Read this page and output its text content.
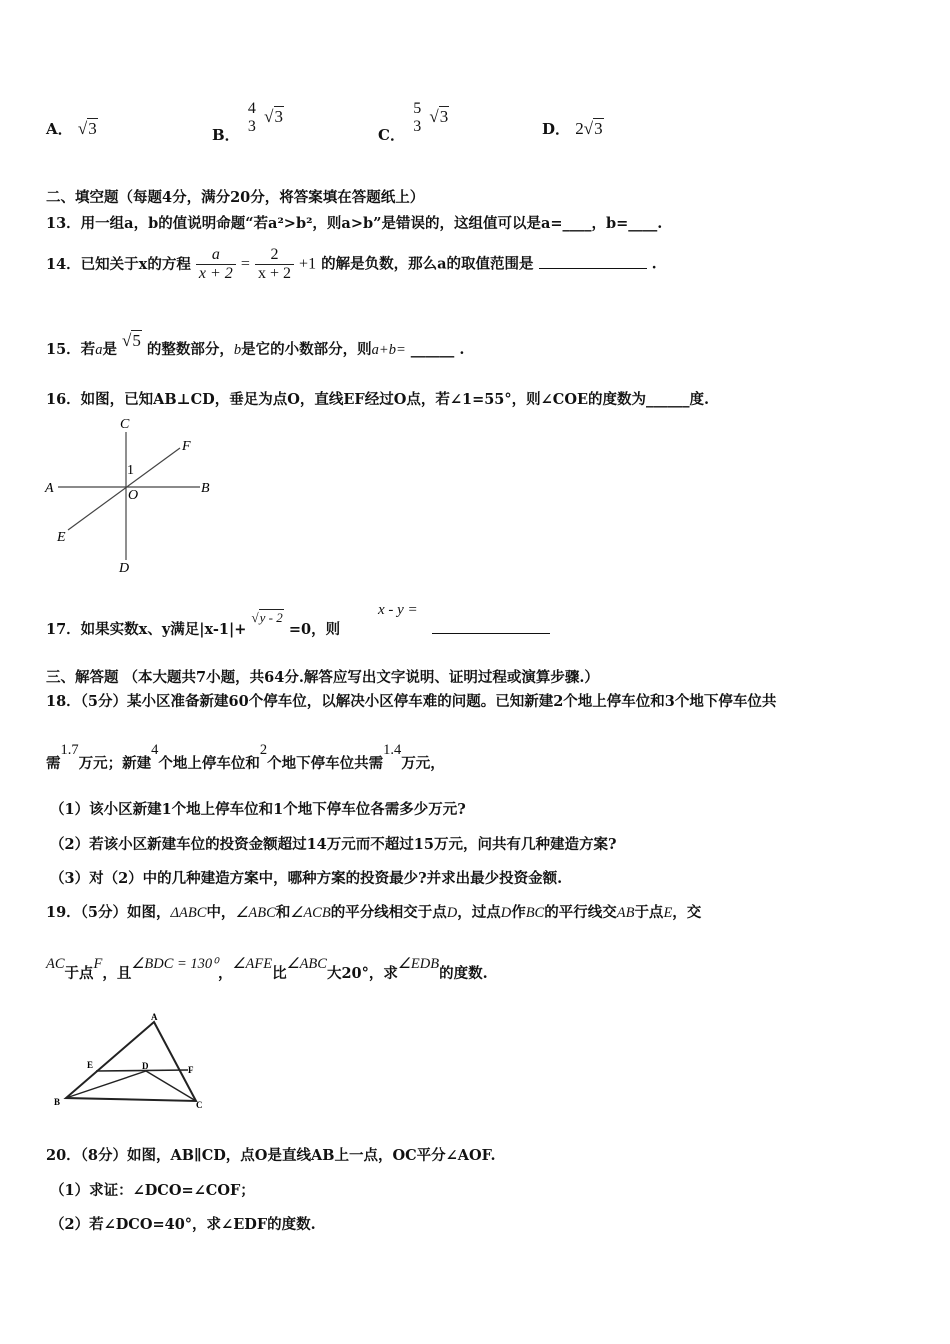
A． √3	B．
4
3
√3
C．
5
3
√3
D． 2√3
二、填空题（每题4分，满分20分，将答案填在答题纸上）
13．用一组a，b的值说明命题“若a²>b²，则a>b”是错误的，这组值可以是a=____，b=____.
14．已知关于x的方程 $\frac{a}{x + 2} = \frac{2}{x + 2} +1$ 的解是负数，那么a的取值范围是	.
15．若a是 √5 的整数部分，b是它的小数部分，则a+b= ______ .
16．如图，已知AB⊥CD，垂足为点O，直线EF经过O点，若∠1=55°，则∠COE的度数为______度.
C
F
1
A	O	B
E
D
17．如果实数x、y满足|x-1|+ √y - 2 =0，则
x - y =
三、解答题 （本大题共7小题，共64分.解答应写出文字说明、证明过程或演算步骤.）
18．（5分）某小区准备新建60个停车位，以解决小区停车难的问题。已知新建2个地上停车位和3个地下停车位共
需1.7万元；新建4个地上停车位和2个地下停车位共需1.4万元，
（1）该小区新建1个地上停车位和1个地下停车位各需多少万元?
（2）若该小区新建车位的投资金额超过14万元而不超过15万元，问共有几种建造方案?
（3）对（2）中的几种建造方案中，哪种方案的投资最少?并求出最少投资金额.
19．（5分）如图，ΔABC中，∠ABC和∠ACB的平分线相交于点D，过点D作BC的平行线交AB于点E，交
AC于点F，且∠BDC = 130⁰，∠AFE比∠ABC大20°，求∠EDB的度数.
A
E	D	F
B	C
20．（8分）如图，AB∥CD，点O是直线AB上一点，OC平分∠AOF.
（1）求证：∠DCO=∠COF；
（2）若∠DCO=40°，求∠EDF的度数.
